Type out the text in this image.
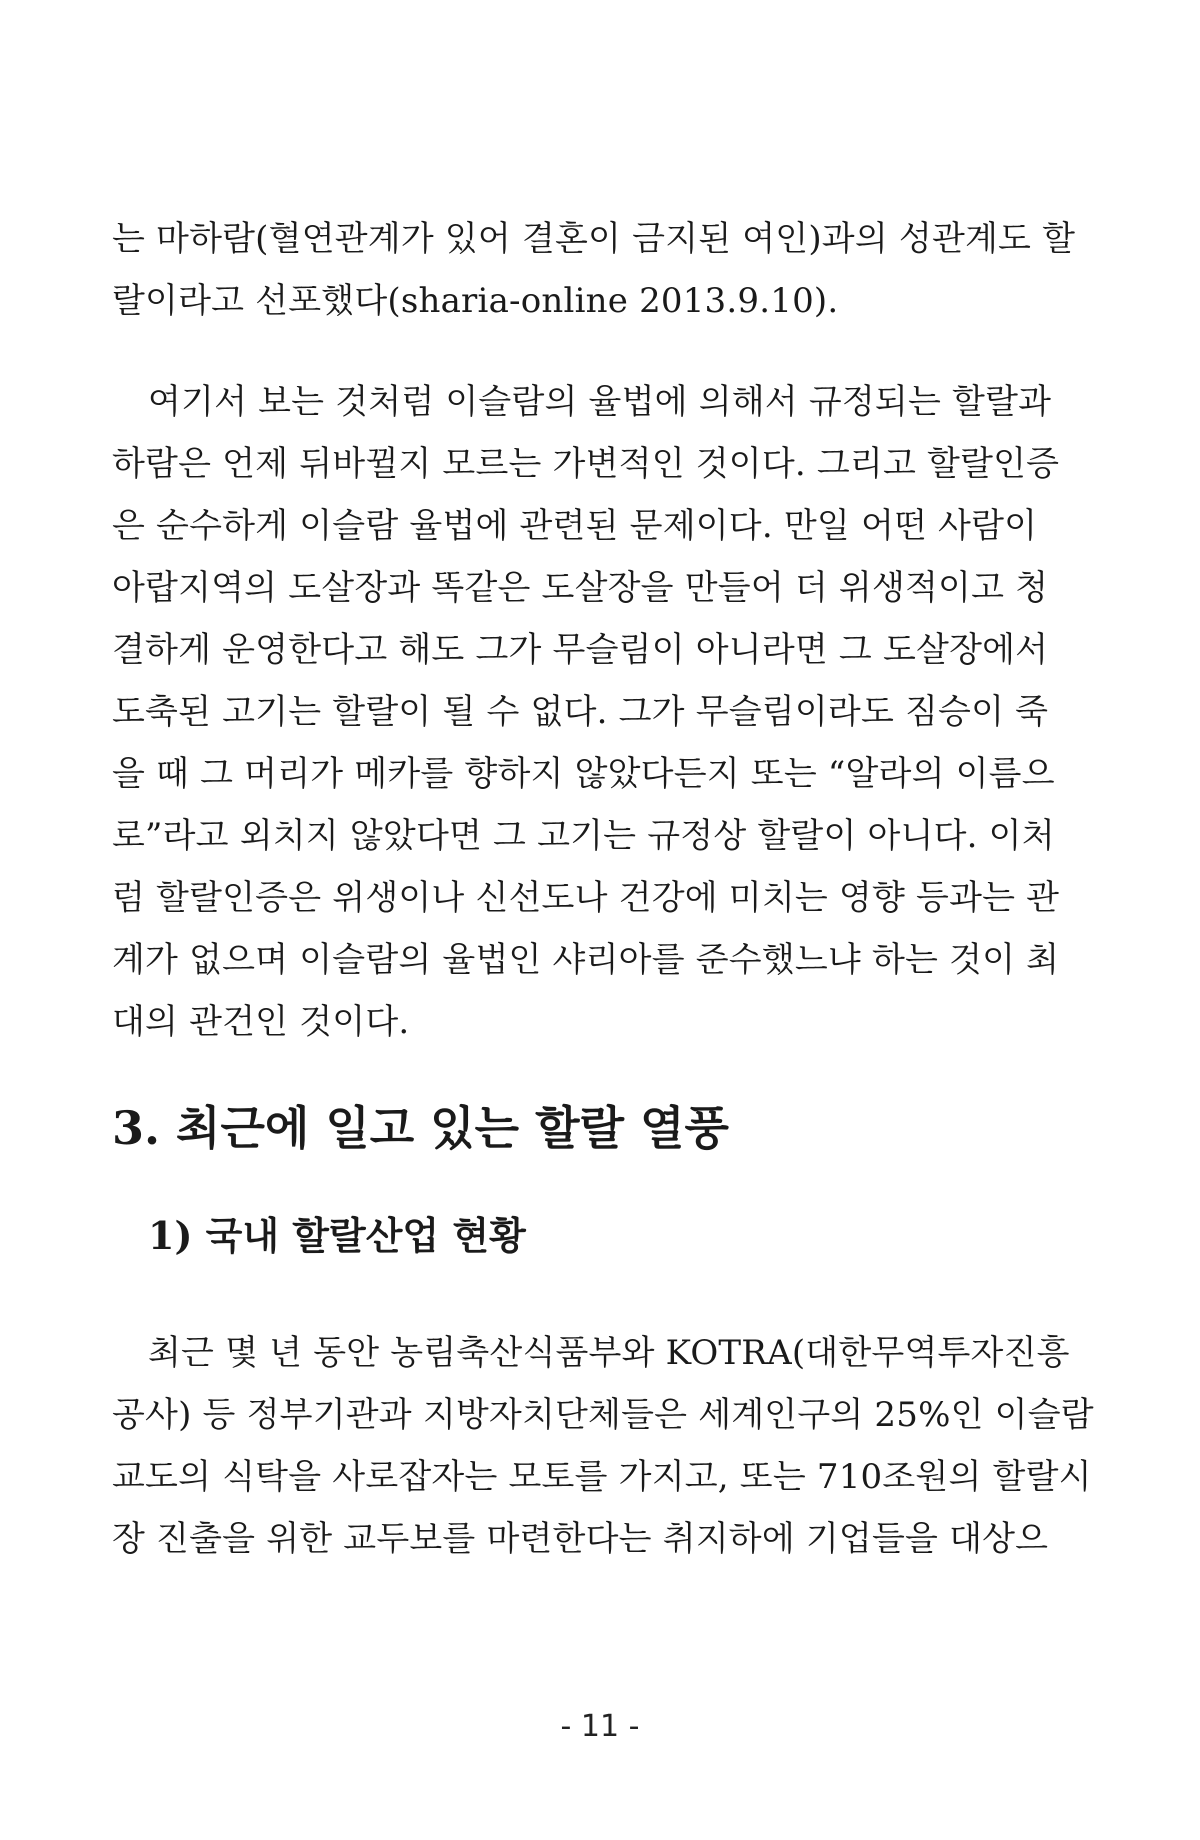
는 마하람(혈연관계가 있어 결혼이 금지된 여인)과의 성관계도 할
랄이라고 선포했다(sharia-online 2013.9.10).
여기서 보는 것처럼 이슬람의 율법에 의해서 규정되는 할랄과
하람은 언제 뒤바뀔지 모르는 가변적인 것이다. 그리고 할랄인증
은 순수하게 이슬람 율법에 관련된 문제이다. 만일 어떤 사람이
아랍지역의 도살장과 똑같은 도살장을 만들어 더 위생적이고 청
결하게 운영한다고 해도 그가 무슬림이 아니라면 그 도살장에서
도축된 고기는 할랄이 될 수 없다. 그가 무슬림이라도 짐승이 죽
을 때 그 머리가 메카를 향하지 않았다든지 또는 “알라의 이름으
로”라고 외치지 않았다면 그 고기는 규정상 할랄이 아니다. 이처
럼 할랄인증은 위생이나 신선도나 건강에 미치는 영향 등과는 관
계가 없으며 이슬람의 율법인 샤리아를 준수했느냐 하는 것이 최
대의 관건인 것이다.
3. 최근에 일고 있는 할랄 열풍
1) 국내 할랄산업 현황
최근 몇 년 동안 농림축산식품부와 KOTRA(대한무역투자진흥
공사) 등 정부기관과 지방자치단체들은 세계인구의 25%인 이슬람
교도의 식탁을 사로잡자는 모토를 가지고, 또는 710조원의 할랄시
장 진출을 위한 교두보를 마련한다는 취지하에 기업들을 대상으
- 11 -
